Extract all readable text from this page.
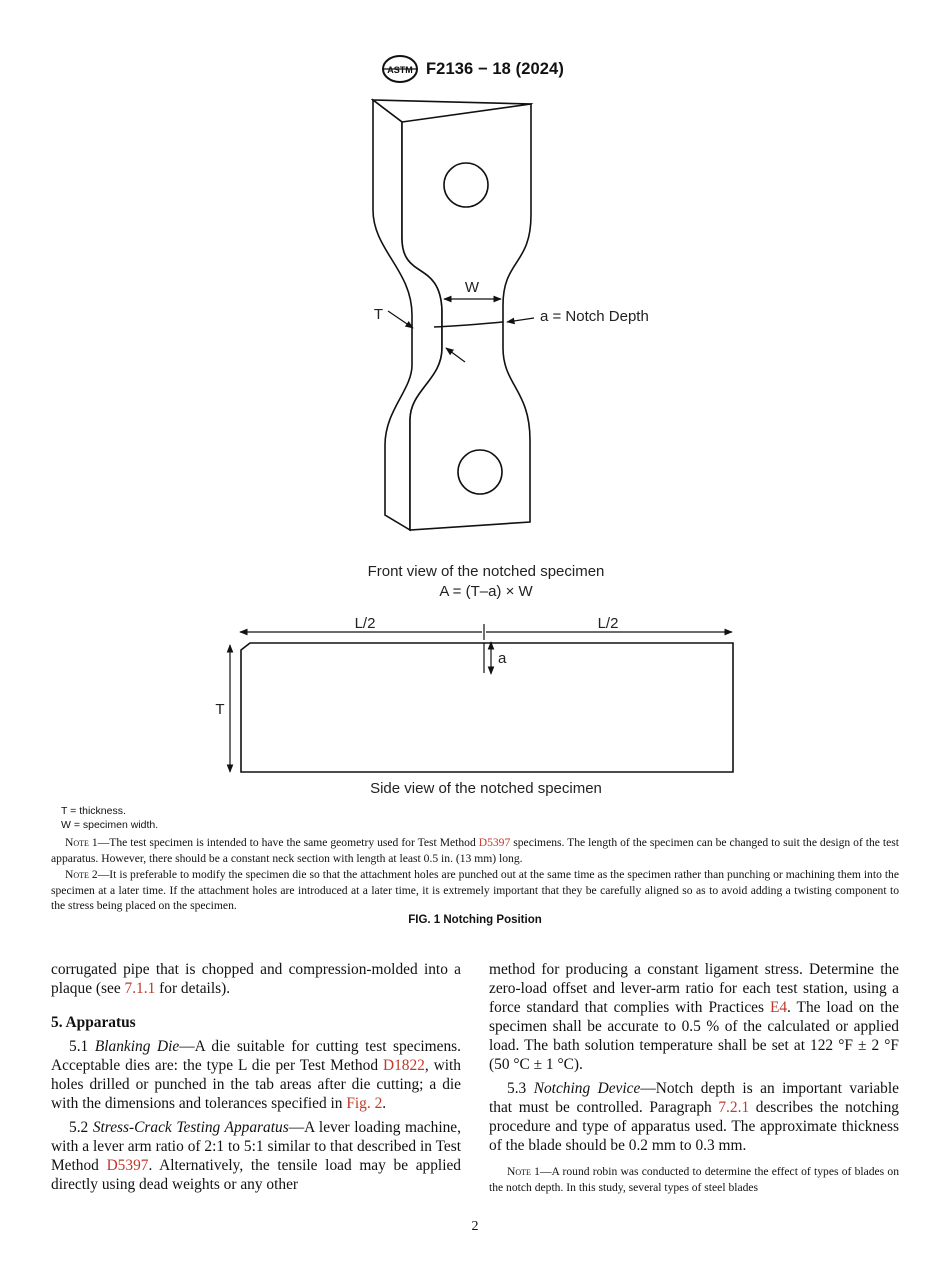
ASTM F2136 − 18 (2024)
W
T	a = Notch Depth
Front view of the notched specimen
A = (T–a) × W
L/2	L/2
a
T
Side view of the notched specimen
T = thickness.
W = specimen width.
Note 1—The test specimen is intended to have the same geometry used for Test Method D5397 specimens. The length of the specimen can be changed to suit the design of the test apparatus. However, there should be a constant neck section with length at least 0.5 in. (13 mm) long.
Note 2—It is preferable to modify the specimen die so that the attachment holes are punched out at the same time as the specimen rather than punching or machining them into the specimen at a later time. If the attachment holes are introduced at a later time, it is extremely important that they be carefully aligned so as to avoid adding a twisting component to the stress being placed on the specimen.
FIG. 1 Notching Position

corrugated pipe that is chopped and compression-molded into a plaque (see 7.1.1 for details).

5. Apparatus

5.1 Blanking Die—A die suitable for cutting test specimens. Acceptable dies are: the type L die per Test Method D1822, with holes drilled or punched in the tab areas after die cutting; a die with the dimensions and tolerances specified in Fig. 2.

5.2 Stress-Crack Testing Apparatus—A lever loading machine, with a lever arm ratio of 2:1 to 5:1 similar to that described in Test Method D5397. Alternatively, the tensile load may be applied directly using dead weights or any other

method for producing a constant ligament stress. Determine the zero-load offset and lever-arm ratio for each test station, using a force standard that complies with Practices E4. The load on the specimen shall be accurate to 0.5 % of the calculated or applied load. The bath solution temperature shall be set at 122 °F ± 2 °F (50 °C ± 1 °C).

5.3 Notching Device—Notch depth is an important variable that must be controlled. Paragraph 7.2.1 describes the notching procedure and type of apparatus used. The approximate thickness of the blade should be 0.2 mm to 0.3 mm.

Note 1—A round robin was conducted to determine the effect of types of blades on the notch depth. In this study, several types of steel blades

2
